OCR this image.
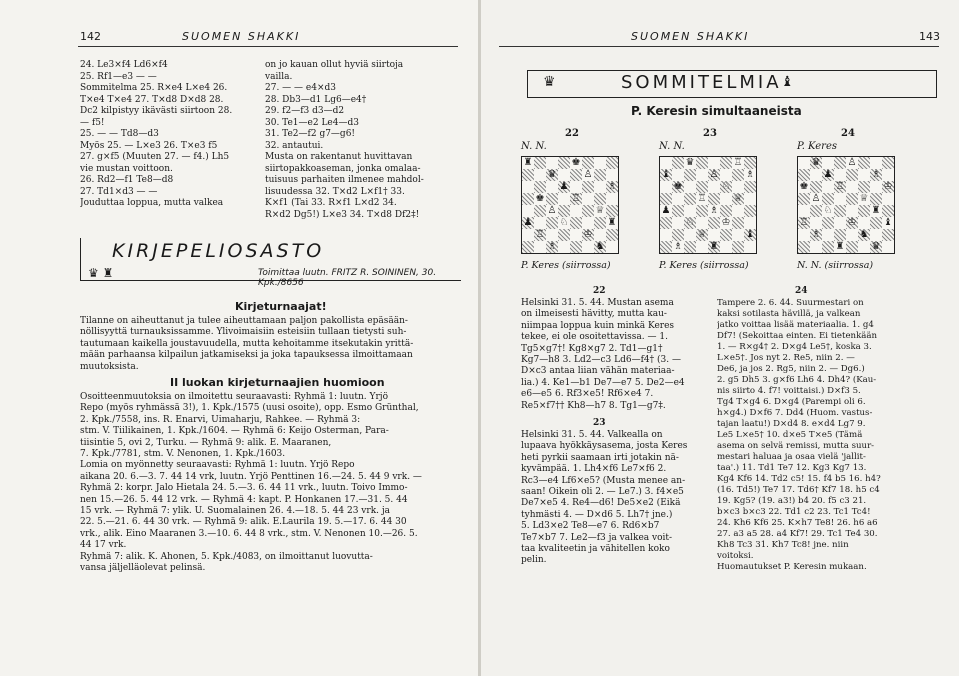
142	SUOMEN SHAKKI
24. Le3×f4 Ld6×f4
25. Rf1—e3 — —
Sommitelma 25. R×e4 L×e4 26.
T×e4 T×e4 27. T×d8 D×d8 28.
Dc2 kilpistyy ikävästi siirtoon 28.
— f5!
25. — — Td8—d3
Myös 25. — L×e3 26. T×e3 f5
27. g×f5 (Muuten 27. — f4.) Lh5
vie mustan voittoon.
26. Rd2—f1 Te8—d8
27. Td1×d3 — —
Jouduttaa loppua, mutta valkea
on jo kauan ollut hyviä siirtoja
vailla.
27. — — e4×d3
28. Db3—d1 Lg6—e4†
29. f2—f3 d3—d2
30. Te1—e2 Le4—d3
31. Te2—f2 g7—g6!
32. antautui.
Musta on rakentanut huvittavan
siirtopakkoaseman, jonka omalaa-
tuisuus parhaiten ilmenee mahdol-
lisuudessa 32. T×d2 L×f1† 33.
K×f1 (Tai 33. R×f1 L×d2 34.
R×d2 Dg5!) L×e3 34. T×d8 Df2‡!
KIRJEPELIOSASTO
Toimittaa luutn. FRITZ R. SOININEN, 30. Kpk./8656
♛ ♜
Kirjeturnaajat!
Tilanne on aiheuttanut ja tulee aiheuttamaan paljon pakollista epäsään-
nöllisyyttä turnauksissamme. Ylivoimaisiin esteisiin tullaan tietysti suh-
tautumaan kaikella joustavuudella, mutta kehoitamme itsekutakin yrittä-
mään parhaansa kilpailun jatkamiseksi ja joka tapauksessa ilmoittamaan
muutoksista.
II luokan kirjeturnaajien huomioon
Osoitteenmuutoksia on ilmoitettu seuraavasti: Ryhmä 1: luutn. Yrjö
Repo (myös ryhmässä 3!), 1. Kpk./1575 (uusi osoite), opp. Esmo Grünthal,
2. Kpk./7558, ins. R. Enarvi, Uimaharju, Rahkee. — Ryhmä 3:
stm. V. Tiilikainen, 1. Kpk./1604. — Ryhmä 6: Keijo Österman, Para-
tiisintie 5, ovi 2, Turku. — Ryhmä 9: alik. E. Maaranen,
7. Kpk./7781, stm. V. Nenonen, 1. Kpk./1603.
Lomia on myönnetty seuraavasti: Ryhmä 1: luutn. Yrjö Repo
aikana 20. 6.—3. 7. 44 14 vrk, luutn. Yrjö Penttinen 16.—24. 5. 44 9 vrk. —
Ryhmä 2: korpr. Jalo Hietala 24. 5.—3. 6. 44 11 vrk., luutn. Toivo Immo-
nen 15.—26. 5. 44 12 vrk. — Ryhmä 4: kapt. P. Honkanen 17.—31. 5. 44
15 vrk. — Ryhmä 7: ylik. U. Suomalainen 26. 4.—18. 5. 44 23 vrk. ja
22. 5.—21. 6. 44 30 vrk. — Ryhmä 9: alik. E.Laurila 19. 5.—17. 6. 44 30
vrk., alik. Eino Maaranen 3.—10. 6. 44 8 vrk., stm. V. Nenonen 10.—26. 5.
44 17 vrk.
Ryhmä 7: alik. K. Ahonen, 5. Kpk./4083, on ilmoittanut luovutta-
vansa jäljelläolevat pelinsä.
SUOMEN SHAKKI	143
♛	SOMMITELMIA ♝
P. Keresin simultaaneista
22
N. N.
♜	♚
♛	♙
♟	♗
♚	♖
♙	♕
♟	♘	♜
♖	♔
♗	♞
P. Keres (siirrossa)
23
N. N.
♛	♖
♝	♙	♗
♚	♘
♖	♕
♟	♗
♘	♔
♕	♝
♗	♜
P. Keres (siirrossa)
24
P. Keres
♛	♙
♟	♗
♚	♖	♔
♙	♕
♘	♜
♖	♔	♝
♗	♞
♜	♛
N. N. (siirrossa)
22
Helsinki 31. 5. 44. Mustan asema
on ilmeisesti hävitty, mutta kau-
niimpaa loppua kuin minkä Keres
tekee, ei ole osoitettavissa. — 1.
Tg5×g7†! Kg8×g7 2. Td1—g1†
Kg7—h8 3. Ld2—c3 Ld6—f4† (3. —
D×c3 antaa liian vähän materiaa-
lia.) 4. Ke1—b1 De7—e7 5. De2—e4
e6—e5 6. Rf3×e5! Rf6×e4 7.
Re5×f7†† Kh8—h7 8. Tg1—g7‡.
23
Helsinki 31. 5. 44. Valkealla on
lupaava hyökkäysasema, josta Keres
heti pyrkii saamaan irti jotakin nä-
kyvämpää. 1. Lh4×f6 Le7×f6 2.
Rc3—e4 Lf6×e5? (Musta menee an-
saan! Oikein oli 2. — Le7.) 3. f4×e5
De7×e5 4. Re4—d6! De5×e2 (Eikä
tyhmästi 4. — D×d6 5. Lh7† jne.)
5. Ld3×e2 Te8—e7 6. Rd6×b7
Te7×b7 7. Le2—f3 ja valkea voit-
taa kvaliteetin ja vähitellen koko
pelin.
24
Tampere 2. 6. 44. Suurmestari on
kaksi sotilasta hävillä, ja valkean
jatko voittaa lisää materiaalia. 1. g4
Df7! (Sekoittaa einten. Ei tietenkään
1. — R×g4† 2. D×g4 Le5†, koska 3.
L×e5†. Jos nyt 2. Re5, niin 2. —
De6, ja jos 2. Rg5, niin 2. — Dg6.)
2. g5 Dh5 3. g×f6 Lh6 4. Dh4? (Kau-
nis siirto 4. f7! voittaisi.) D×f3 5.
Tg4 T×g4 6. D×g4 (Parempi oli 6.
h×g4.) D×f6 7. Dd4 (Huom. vastus-
tajan laatu!) D×d4 8. e×d4 Lg7 9.
Le5 L×e5† 10. d×e5 T×e5 (Tämä
asema on selvä remissi, mutta suur-
mestari haluaa ja osaa vielä 'jallit-
taa'.) 11. Td1 Te7 12. Kg3 Kg7 13.
Kg4 Kf6 14. Td2 c5! 15. f4 b5 16. h4?
(16. Td5!) Te7 17. Td6† Kf7 18. h5 c4
19. Kg5? (19. a3!) b4 20. f5 c3 21.
b×c3 b×c3 22. Td1 c2 23. Tc1 Tc4!
24. Kh6 Kf6 25. K×h7 Te8! 26. h6 a6
27. a3 a5 28. a4 Kf7! 29. Tc1 Te4 30.
Kh8 Tc3 31. Kh7 Tc8! jne. niin
voitoksi.
Huomautukset P. Keresin mukaan.
